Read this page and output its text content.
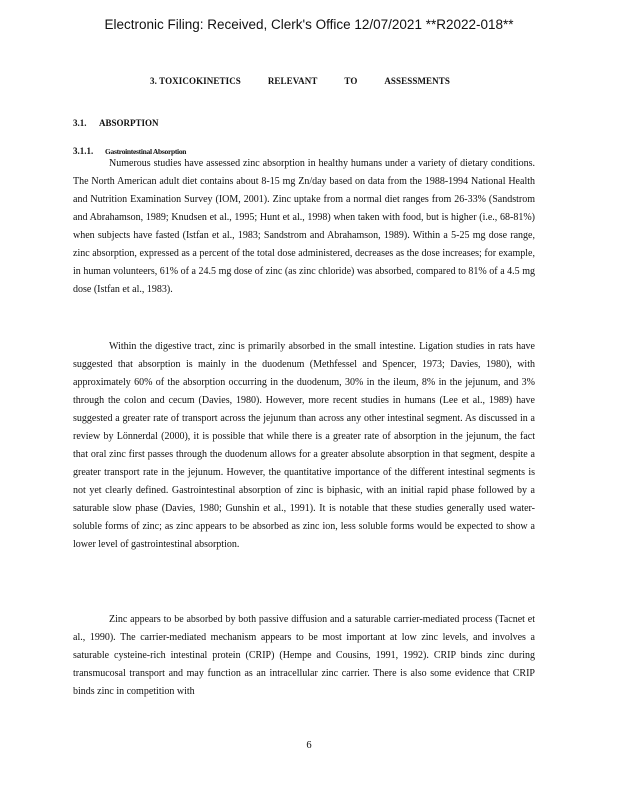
Electronic Filing: Received, Clerk's Office 12/07/2021 **R2022-018**
3. TOXICOKINETICS	RELEVANT	TO	ASSESSMENTS
3.1. ABSORPTION
3.1.1. Gastrointestinal Absorption

Numerous studies have assessed zinc absorption in healthy humans under a variety of dietary conditions. The North American adult diet contains about 8-15 mg Zn/day based on data from the 1988-1994 National Health and Nutrition Examination Survey (IOM, 2001). Zinc uptake from a normal diet ranges from 26-33% (Sandstrom and Abrahamson, 1989; Knudsen et al., 1995; Hunt et al., 1998) when taken with food, but is higher (i.e., 68-81%) when subjects have fasted (Istfan et al., 1983; Sandstrom and Abrahamson, 1989). Within a 5-25 mg dose range, zinc absorption, expressed as a percent of the total dose administered, decreases as the dose increases; for example, in human volunteers, 61% of a 24.5 mg dose of zinc (as zinc chloride) was absorbed, compared to 81% of a 4.5 mg dose (Istfan et al., 1983).

Within the digestive tract, zinc is primarily absorbed in the small intestine. Ligation studies in rats have suggested that absorption is mainly in the duodenum (Methfessel and Spencer, 1973; Davies, 1980), with approximately 60% of the absorption occurring in the duodenum, 30% in the ileum, 8% in the jejunum, and 3% through the colon and cecum (Davies, 1980). However, more recent studies in humans (Lee et al., 1989) have suggested a greater rate of transport across the jejunum than across any other intestinal segment. As discussed in a review by Lönnerdal (2000), it is possible that while there is a greater rate of absorption in the jejunum, the fact that oral zinc first passes through the duodenum allows for a greater absolute absorption in that segment, despite a greater transport rate in the jejunum. However, the quantitative importance of the different intestinal segments is not yet clearly defined. Gastrointestinal absorption of zinc is biphasic, with an initial rapid phase followed by a saturable slow phase (Davies, 1980; Gunshin et al., 1991). It is notable that these studies generally used water-soluble forms of zinc; as zinc appears to be absorbed as zinc ion, less soluble forms would be expected to show a lower level of gastrointestinal absorption.

Zinc appears to be absorbed by both passive diffusion and a saturable carrier-mediated process (Tacnet et al., 1990). The carrier-mediated mechanism appears to be most important at low zinc levels, and involves a saturable cysteine-rich intestinal protein (CRIP) (Hempe and Cousins, 1991, 1992). CRIP binds zinc during transmucosal transport and may function as an intracellular zinc carrier. There is also some evidence that CRIP binds zinc in competition with

6
